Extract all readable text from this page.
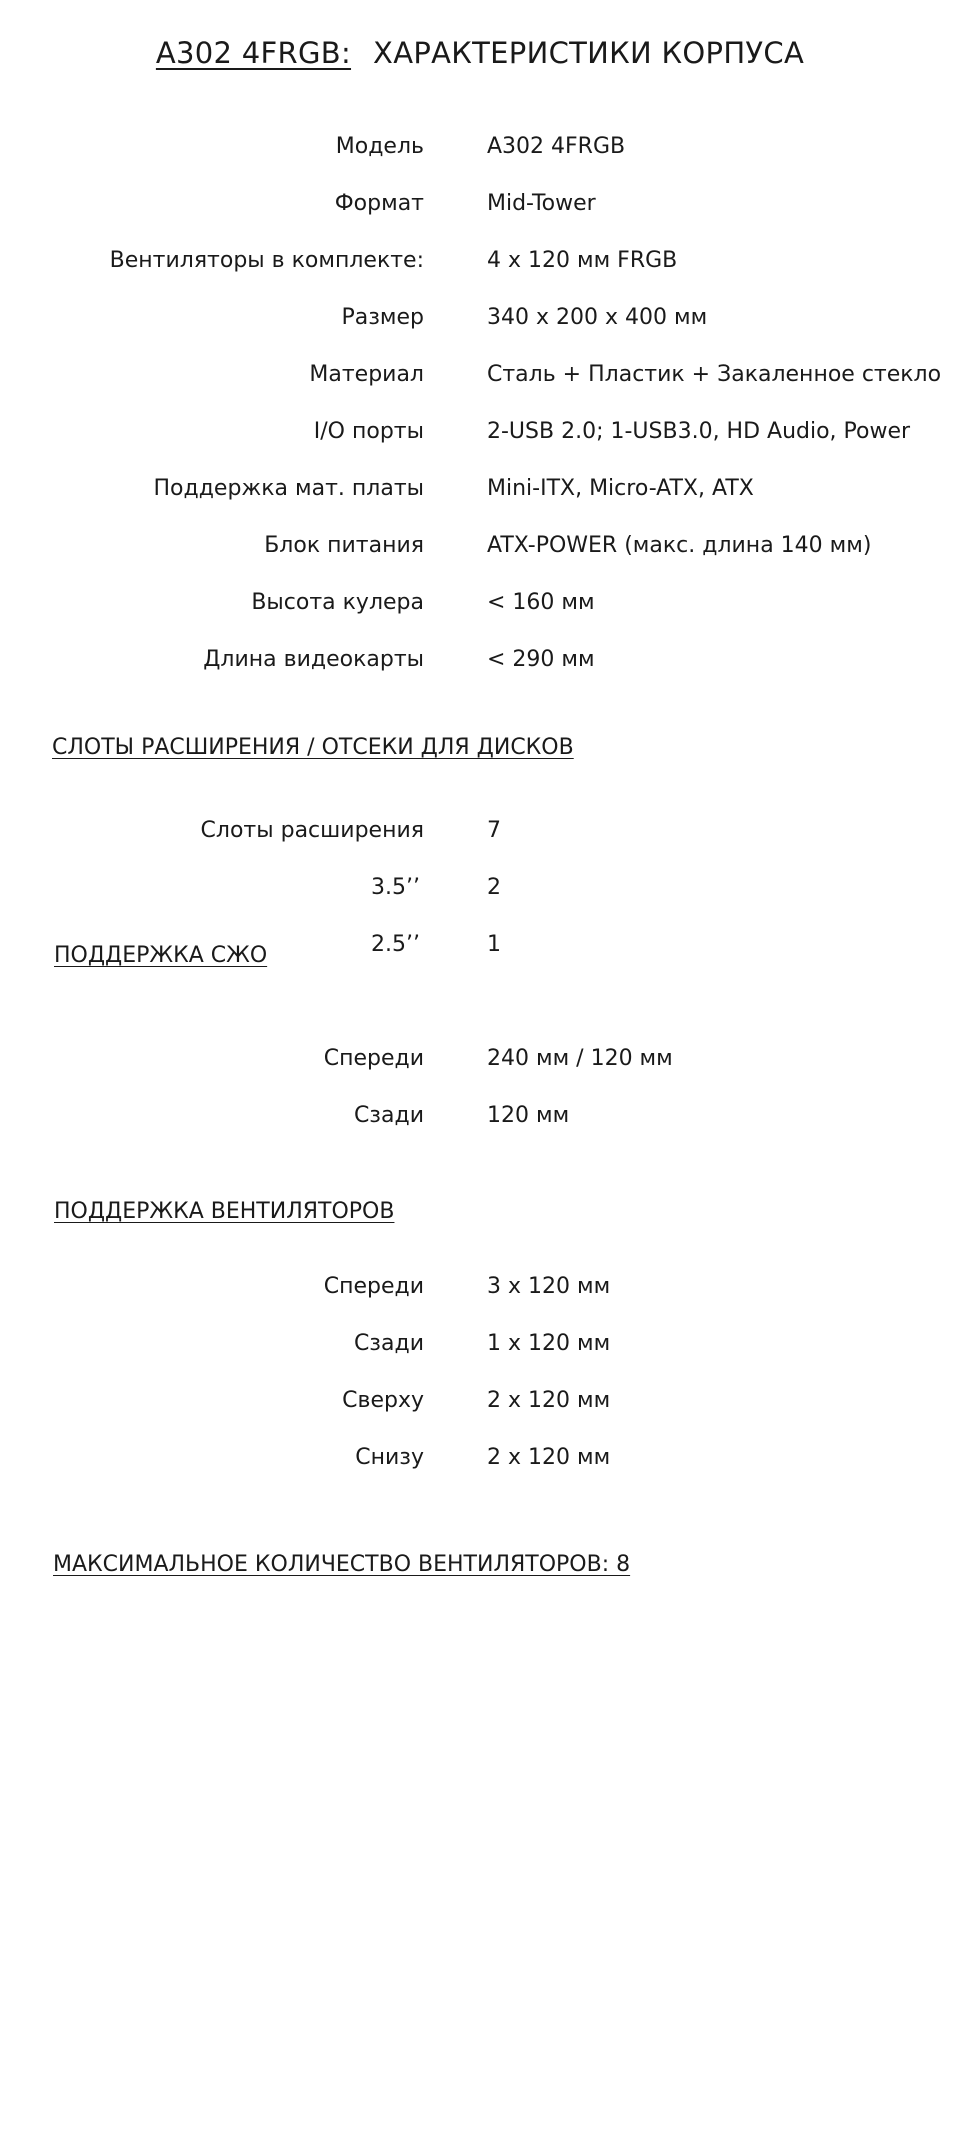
A302 4FRGB: ХАРАКТЕРИСТИКИ КОРПУСА
Модель	A302 4FRGB
Формат	Mid-Tower
Вентиляторы в комплекте:	4 x 120 мм FRGB
Размер	340 x 200 x 400 мм
Материал	Сталь + Пластик + Закаленное стекло
I/O порты	2-USB 2.0; 1-USB3.0, HD Audio, Power
Поддержка мат. платы	Mini-ITX, Micro-ATX, ATX
Блок питания	ATX-POWER (макс. длина 140 мм)
Высота кулера	< 160 мм
Длина видеокарты	< 290 мм
СЛОТЫ РАСШИРЕНИЯ / ОТСЕКИ ДЛЯ ДИСКОВ
Слоты расширения	7
3.5’’	2
2.5’’	1
ПОДДЕРЖКА СЖО
Спереди	240 мм / 120 мм
Сзади	120 мм
ПОДДЕРЖКА ВЕНТИЛЯТОРОВ
Спереди	3 x 120 мм
Сзади	1 x 120 мм
Сверху	2 x 120 мм
Снизу	2 x 120 мм
МАКСИМАЛЬНОЕ КОЛИЧЕСТВО ВЕНТИЛЯТОРОВ: 8
